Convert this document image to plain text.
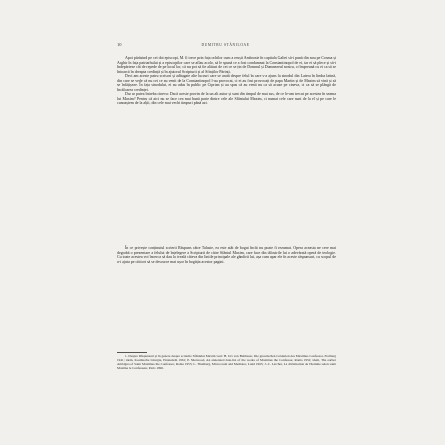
10	DUMITRU STĂNILOAE

Apoi părăsind pe cei doi episcopi, M. îi trece prin fața ochilor cum a reușit Ambrosie în capitala Galiei să-i pună din nou pe Cosma și Arghir în fața patriarhului și a episcopilor care se aflau acolo, să le spună ce a fost condamnat la Constantinopol de ei, iar ei să plece și să-i îndepărteze cât de repede de pe locul lor, că nu pot să fie alături de cei ce se țin de Domnul și Dumnezeul nostru, ci împreună cu ei ca să se întoarcă în dreapta credință și în ajutorul Scripturii și al Sfinților Părinți.

Deci am aceste patru scrisori și adăugate alte lucruri care se arată despre felul în care s-a ajuns la sinodul din Latera în limba latină, din care se vede că nu cei ce au venit de la Constantinopol l-au provocat, ci ei au fost provocați de papa Martin și de Maxim să vină și să se înfățișeze. În fața sinodului, ei au adus în public pe Ciprian și au spus că au venit nu ca să acuze pe cineva, ci ca să se plângă de încălcarea credinței.

Dar ar putea întreba cineva: Dacă aceste provin de la un alt autor și sunt din timpul de mai sus, de ce le-am trecut pe acestea în seama lui Maxim? Pentru că aici nu se face cea mai bună parte dintre cele ale Sfântului Maxim, ci numai cele care sunt de la el și pe care le cunoaștem de la alții, din cele mai vechi timpuri până azi.

În ce privește conținutul scrierii Răspuns către Talasie, ea este atât de bogat încât nu poate fi rezumat. Opera aceasta ne cere mai degrabă o prezentare a felului de înțelegere a Scripturii de către Sfântul Maxim, care face din tâlcuirile lui o adevărată operă de teologie. Cu toate acestea voi încerca să dau la iveală câteva din liniile principale ale gândirii lui, așa cum apar ele în aceste răspunsuri, cu scopul de a-i ajuta pe cititori să se descurce mai ușor în bogăția acestor pagini.

1. Despre Răspunsuri și în genere despre scrierile Sfântului Maxim vezi: H. Urs von Balthasar, Die gnostischen Centurien des Maximus Confessor, Freiburg 1941; idem, Kosmische Liturgie, Einsiedeln 1961; P. Sherwood, An annotated date-list of the works of Maximus the Confessor, Roma 1952; idem, The earlier Ambigua of Saint Maximus the Confessor, Roma 1955; L. Thunberg, Microcosm and Mediator, Lund 1965; J.-C. Larchet, La divinisation de l'homme selon saint Maxime le Confesseur, Paris 1996.
